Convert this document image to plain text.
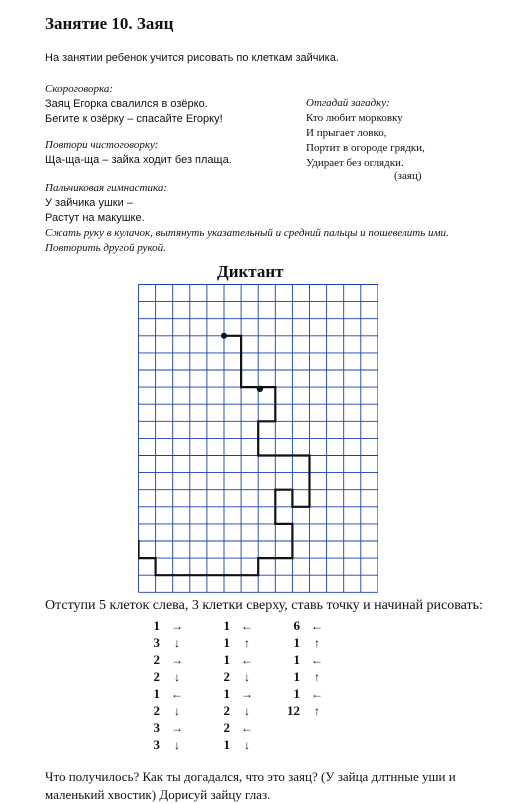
Занятие 10. Заяц
На занятии ребенок учится рисовать по клеткам зайчика.
Скороговорка:
Заяц Егорка свалился в озёрко.
Бегите к озёрку – спасайте Егорку!
Повтори чистоговорку:
Ща-ща-ща – зайка ходит без плаща.
Отгадай загадку:
Кто любит морковку
И прыгает ловко,
Портит в огороде грядки,
Удирает без оглядки.
(заяц)
Пальчиковая гимнастика:
У зайчика ушки –
Растут на макушке.
Сжать руку в кулачок, вытянуть указательный и средний пальцы и пошевелить ими.
Повторить другой рукой.
Диктант
Отступи 5 клеток слева, 3 клетки сверху, ставь точку и начинай рисовать:
1 →
3 ↓
2 →
2 ↓
1 ←
2 ↓
3 →
3 ↓
1 ←
1 ↑
1 ←
2 ↓
1 →
2 ↓
2 ←
1 ↓
6 ←
1 ↑
1 ←
1 ↑
1 ←
12 ↑
Что получилось? Как ты догадался, что это заяц? (У зайца длтнные уши и маленький хвостик) Дорисуй зайцу глаз.
